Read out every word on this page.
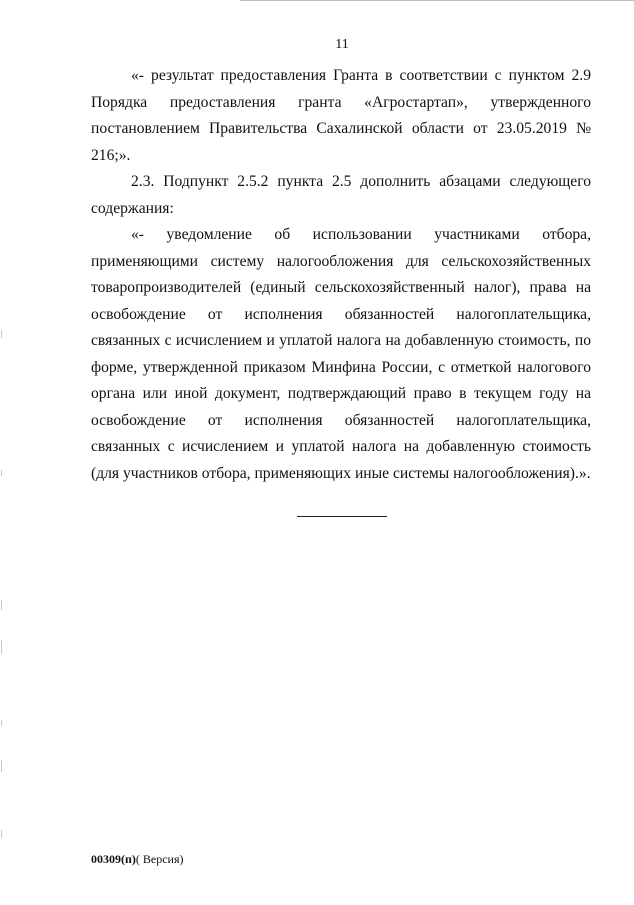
11

«- результат предоставления Гранта в соответствии с пунктом 2.9 Порядка предоставления гранта «Агростартап», утвержденного постановлением Правительства Сахалинской области от 23.05.2019 № 216;».

2.3. Подпункт 2.5.2 пункта 2.5 дополнить абзацами следующего содержания:

«- уведомление об использовании участниками отбора, применяющими систему налогообложения для сельскохозяйственных товаропроизводителей (единый сельскохозяйственный налог), права на освобождение от исполнения обязанностей налогоплательщика, связанных с исчислением и уплатой налога на добавленную стоимость, по форме, утвержденной приказом Минфина России, с отметкой налогового органа или иной документ, подтверждающий право в текущем году на освобождение от исполнения обязанностей налогоплательщика, связанных с исчислением и уплатой налога на добавленную стоимость (для участников отбора, применяющих иные системы налогообложения).».

00309(п)( Версия)
